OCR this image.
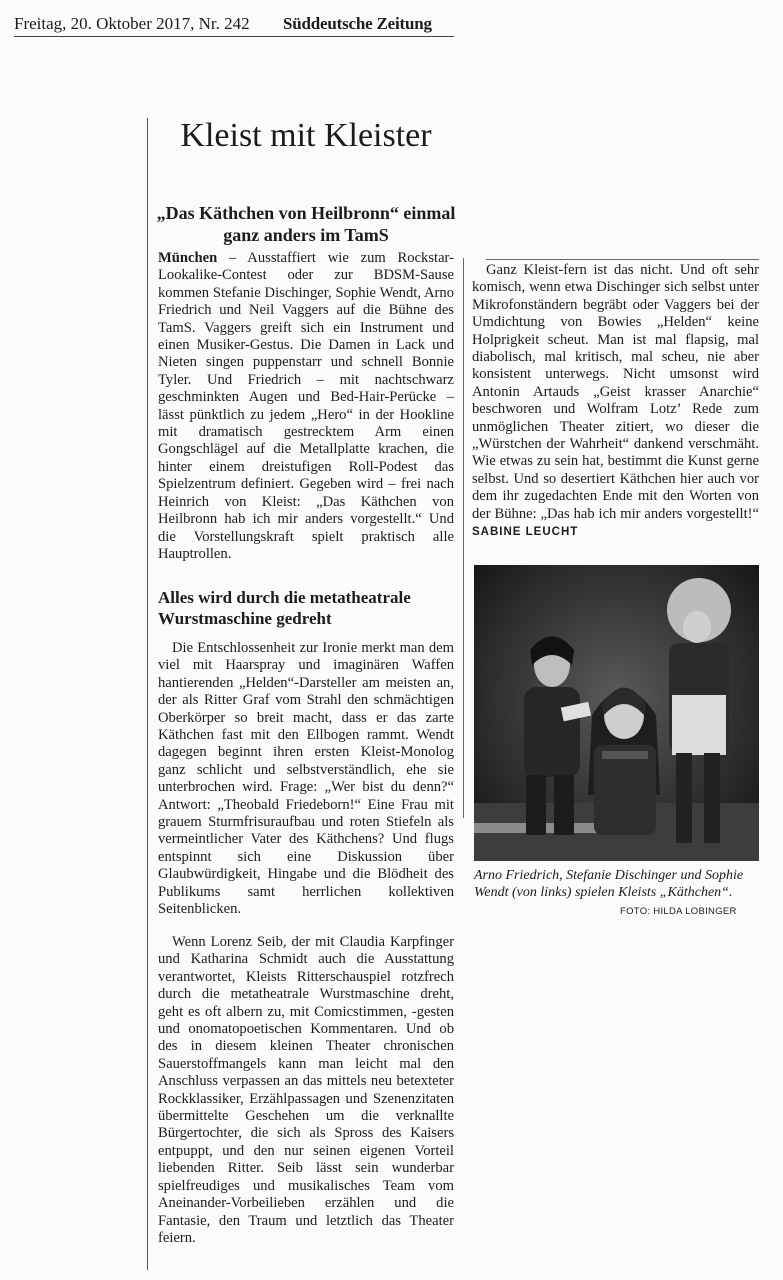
Freitag, 20. Oktober 2017, Nr. 242 Süddeutsche Zeitung
Kleist mit Kleister
„Das Käthchen von Heilbronn“ einmal ganz anders im TamS

München – Ausstaffiert wie zum Rockstar-Lookalike-Contest oder zur BDSM-Sause kommen Stefanie Dischinger, Sophie Wendt, Arno Friedrich und Neil Vaggers auf die Bühne des TamS. Vaggers greift sich ein Instrument und einen Musiker-Gestus. Die Damen in Lack und Nieten singen puppenstarr und schnell Bonnie Tyler. Und Friedrich – mit nachtschwarz geschminkten Augen und Bed-Hair-Perücke – lässt pünktlich zu jedem „Hero“ in der Hookline mit dramatisch gestrecktem Arm einen Gongschlägel auf die Metallplatte krachen, die hinter einem dreistufigen Roll-Podest das Spielzentrum definiert. Gegeben wird – frei nach Heinrich von Kleist: „Das Käthchen von Heilbronn hab ich mir anders vorgestellt.“ Und die Vorstellungskraft spielt praktisch alle Hauptrollen.

Alles wird durch die metatheatrale Wurstmaschine gedreht

Die Entschlossenheit zur Ironie merkt man dem viel mit Haarspray und imaginären Waffen hantierenden „Helden“-Darsteller am meisten an, der als Ritter Graf vom Strahl den schmächtigen Oberkörper so breit macht, dass er das zarte Käthchen fast mit den Ellbogen rammt. Wendt dagegen beginnt ihren ersten Kleist-Monolog ganz schlicht und selbstverständlich, ehe sie unterbrochen wird. Frage: „Wer bist du denn?“ Antwort: „Theobald Friedeborn!“ Eine Frau mit grauem Sturmfrisuraufbau und roten Stiefeln als vermeintlicher Vater des Käthchens? Und flugs entspinnt sich eine Diskussion über Glaubwürdigkeit, Hingabe und die Blödheit des Publikums samt herrlichen kollektiven Seitenblicken.

Wenn Lorenz Seib, der mit Claudia Karpfinger und Katharina Schmidt auch die Ausstattung verantwortet, Kleists Ritterschauspiel rotzfrech durch die metatheatrale Wurstmaschine dreht, geht es oft albern zu, mit Comicstimmen, -gesten und onomatopoetischen Kommentaren. Und ob des in diesem kleinen Theater chronischen Sauerstoffmangels kann man leicht mal den Anschluss verpassen an das mittels neu betexteter Rockklassiker, Erzählpassagen und Szenenzitaten übermittelte Geschehen um die verknallte Bürgertochter, die sich als Spross des Kaisers entpuppt, und den nur seinen eigenen Vorteil liebenden Ritter. Seib lässt sein wunderbar spielfreudiges und musikalisches Team vom Aneinander-Vorbeilieben erzählen und die Fantasie, den Traum und letztlich das Theater feiern.

Ganz Kleist-fern ist das nicht. Und oft sehr komisch, wenn etwa Dischinger sich selbst unter Mikrofonständern begräbt oder Vaggers bei der Umdichtung von Bowies „Helden“ keine Holprigkeit scheut. Man ist mal flapsig, mal diabolisch, mal kritisch, mal scheu, nie aber konsistent unterwegs. Nicht umsonst wird Antonin Artauds „Geist krasser Anarchie“ beschworen und Wolfram Lotz’ Rede zum unmöglichen Theater zitiert, wo dieser die „Würstchen der Wahrheit“ dankend verschmäht. Wie etwas zu sein hat, bestimmt die Kunst gerne selbst. Und so desertiert Käthchen hier auch vor dem ihr zugedachten Ende mit den Worten von der Bühne: „Das hab ich mir anders vorgestellt!“ SABINE LEUCHT

Arno Friedrich, Stefanie Dischinger und Sophie Wendt (von links) spielen Kleists „Käthchen“.

FOTO: HILDA LOBINGER
